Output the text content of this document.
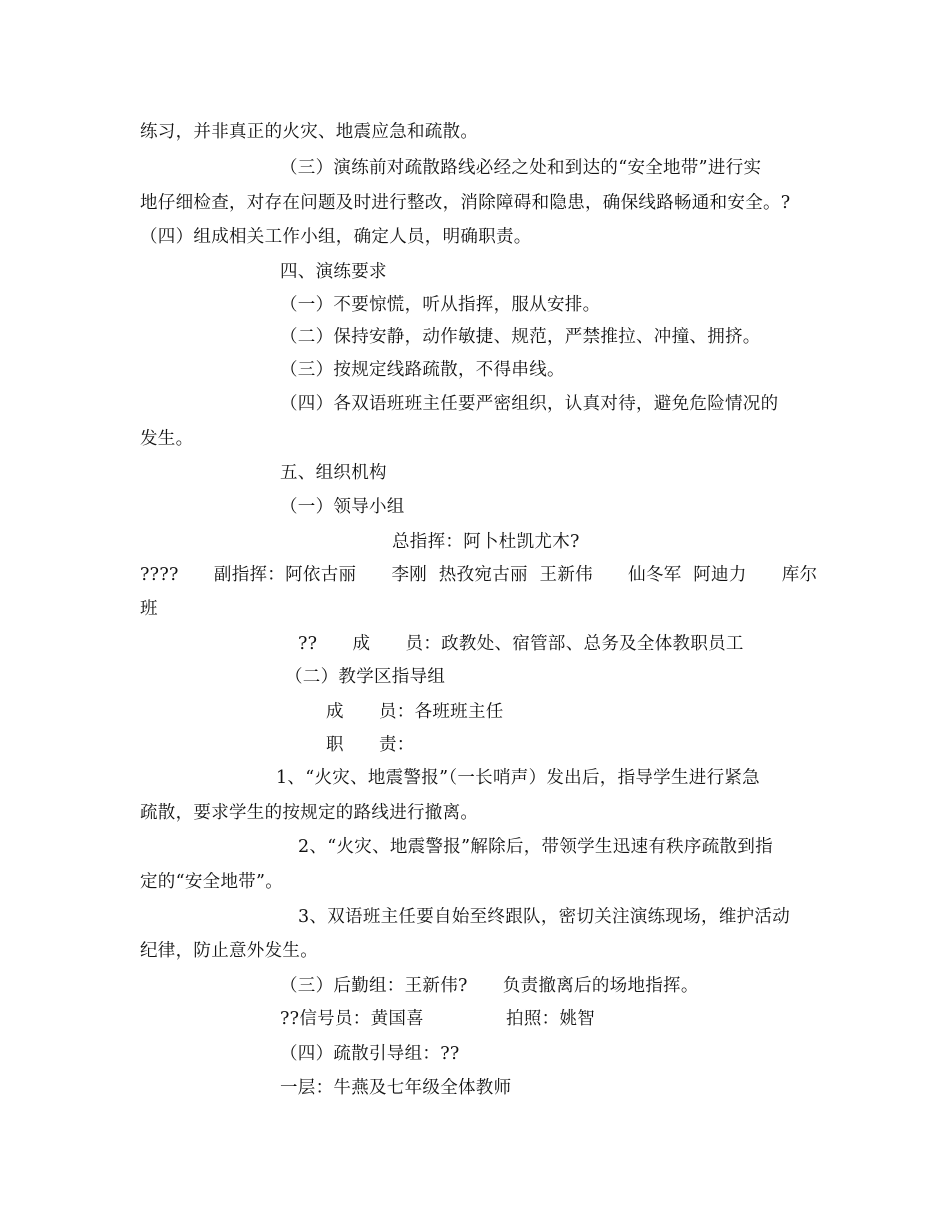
练习，并非真正的火灾、地震应急和疏散。
（三）演练前对疏散路线必经之处和到达的“安全地带”进行实
地仔细检查，对存在问题及时进行整改，消除障碍和隐患，确保线路畅通和安全。?
（四）组成相关工作小组，确定人员，明确职责。
四、演练要求
（一）不要惊慌，听从指挥，服从安排。
（二）保持安静，动作敏捷、规范，严禁推拉、冲撞、拥挤。
（三）按规定线路疏散，不得串线。
（四）各双语班班主任要严密组织，认真对待，避免危险情况的
发生。
五、组织机构
（一）领导小组
总指挥：阿卜杜凯尤木?
????      副指挥：阿依古丽      李刚  热孜宛古丽  王新伟      仙冬军  阿迪力      库尔
班
??      成      员：政教处、宿管部、总务及全体教职员工
（二）教学区指导组
成      员：各班班主任
职      责：
1、“火灾、地震警报”（一长哨声）发出后，指导学生进行紧急
疏散，要求学生的按规定的路线进行撤离。
2、“火灾、地震警报”解除后，带领学生迅速有秩序疏散到指
定的“安全地带”。
3、双语班主任要自始至终跟队，密切关注演练现场，维护活动
纪律，防止意外发生。
（三）后勤组：王新伟?      负责撤离后的场地指挥。
??信号员：黄国喜              拍照：姚智
（四）疏散引导组：??
一层：牛燕及七年级全体教师
